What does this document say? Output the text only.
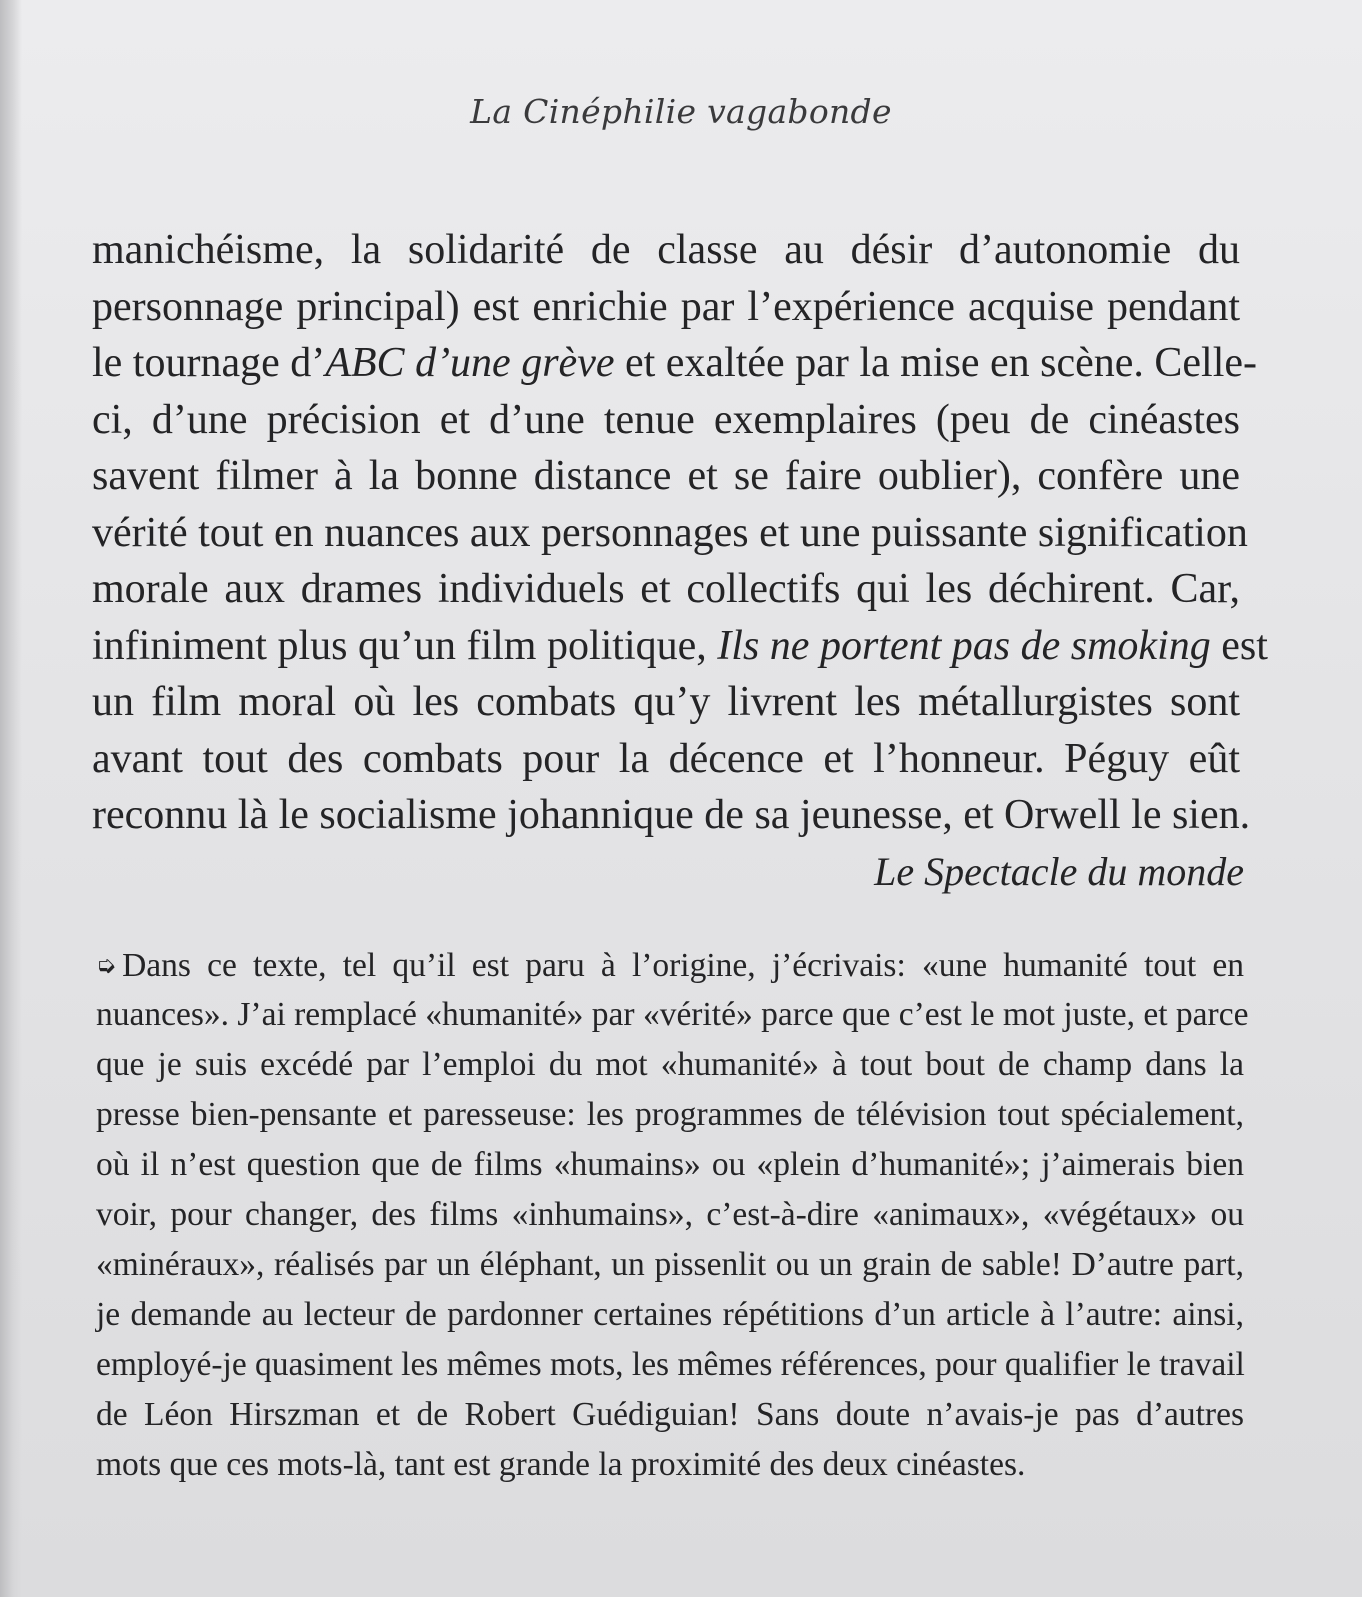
La Cinéphilie vagabonde
manichéisme, la solidarité de classe au désir d’autonomie du
personnage principal) est enrichie par l’expérience acquise pendant
le tournage d’ABC d’une grève et exaltée par la mise en scène. Celle-
ci, d’une précision et d’une tenue exemplaires (peu de cinéastes
savent filmer à la bonne distance et se faire oublier), confère une
vérité tout en nuances aux personnages et une puissante signification
morale aux drames individuels et collectifs qui les déchirent. Car,
infiniment plus qu’un film politique, Ils ne portent pas de smoking est
un film moral où les combats qu’y livrent les métallurgistes sont
avant tout des combats pour la décence et l’honneur. Péguy eût
reconnu là le socialisme johannique de sa jeunesse, et Orwell le sien.
Le Spectacle du monde
➭ Dans ce texte, tel qu’il est paru à l’origine, j’écrivais: «une humanité tout en
nuances». J’ai remplacé «humanité» par «vérité» parce que c’est le mot juste, et parce
que je suis excédé par l’emploi du mot «humanité» à tout bout de champ dans la
presse bien-pensante et paresseuse: les programmes de télévision tout spécialement,
où il n’est question que de films «humains» ou «plein d’humanité»; j’aimerais bien
voir, pour changer, des films «inhumains», c’est-à-dire «animaux», «végétaux» ou
«minéraux», réalisés par un éléphant, un pissenlit ou un grain de sable! D’autre part,
je demande au lecteur de pardonner certaines répétitions d’un article à l’autre: ainsi,
employé-je quasiment les mêmes mots, les mêmes références, pour qualifier le travail
de Léon Hirszman et de Robert Guédiguian! Sans doute n’avais-je pas d’autres
mots que ces mots-là, tant est grande la proximité des deux cinéastes.
